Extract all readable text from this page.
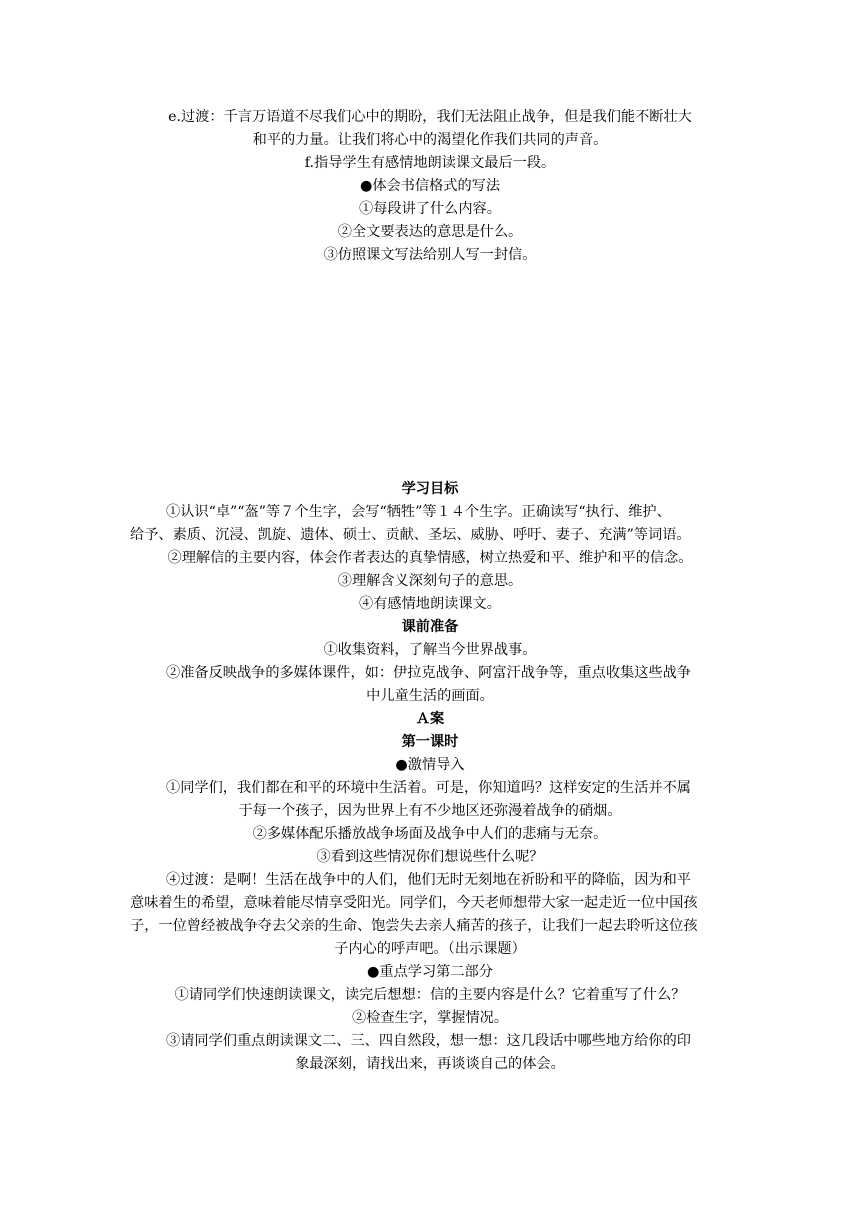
e.过渡：千言万语道不尽我们心中的期盼，我们无法阻止战争，但是我们能不断壮大

和平的力量。让我们将心中的渴望化作我们共同的声音。

f.指导学生有感情地朗读课文最后一段。

●体会书信格式的写法

①每段讲了什么内容。

②全文要表达的意思是什么。

③仿照课文写法给别人写一封信。

学习目标

①认识“卓”“盔”等７个生字，会写“牺牲”等１４个生字。正确读写“执行、维护、

给予、素质、沉浸、凯旋、遗体、硕士、贡献、圣坛、威胁、呼吁、妻子、充满”等词语。

②理解信的主要内容，体会作者表达的真挚情感，树立热爱和平、维护和平的信念。

③理解含义深刻句子的意思。

④有感情地朗读课文。

课前准备

①收集资料，了解当今世界战事。

②准备反映战争的多媒体课件，如：伊拉克战争、阿富汗战争等，重点收集这些战争

中儿童生活的画面。

Ａ案

第一课时

●激情导入

①同学们，我们都在和平的环境中生活着。可是，你知道吗？这样安定的生活并不属

于每一个孩子，因为世界上有不少地区还弥漫着战争的硝烟。

②多媒体配乐播放战争场面及战争中人们的悲痛与无奈。

③看到这些情况你们想说些什么呢？

④过渡：是啊！生活在战争中的人们，他们无时无刻地在祈盼和平的降临，因为和平

意味着生的希望，意味着能尽情享受阳光。同学们，今天老师想带大家一起走近一位中国孩

子，一位曾经被战争夺去父亲的生命、饱尝失去亲人痛苦的孩子，让我们一起去聆听这位孩

子内心的呼声吧。（出示课题）

●重点学习第二部分

①请同学们快速朗读课文，读完后想想：信的主要内容是什么？它着重写了什么？

②检查生字，掌握情况。

③请同学们重点朗读课文二、三、四自然段，想一想：这几段话中哪些地方给你的印

象最深刻，请找出来，再谈谈自己的体会。
